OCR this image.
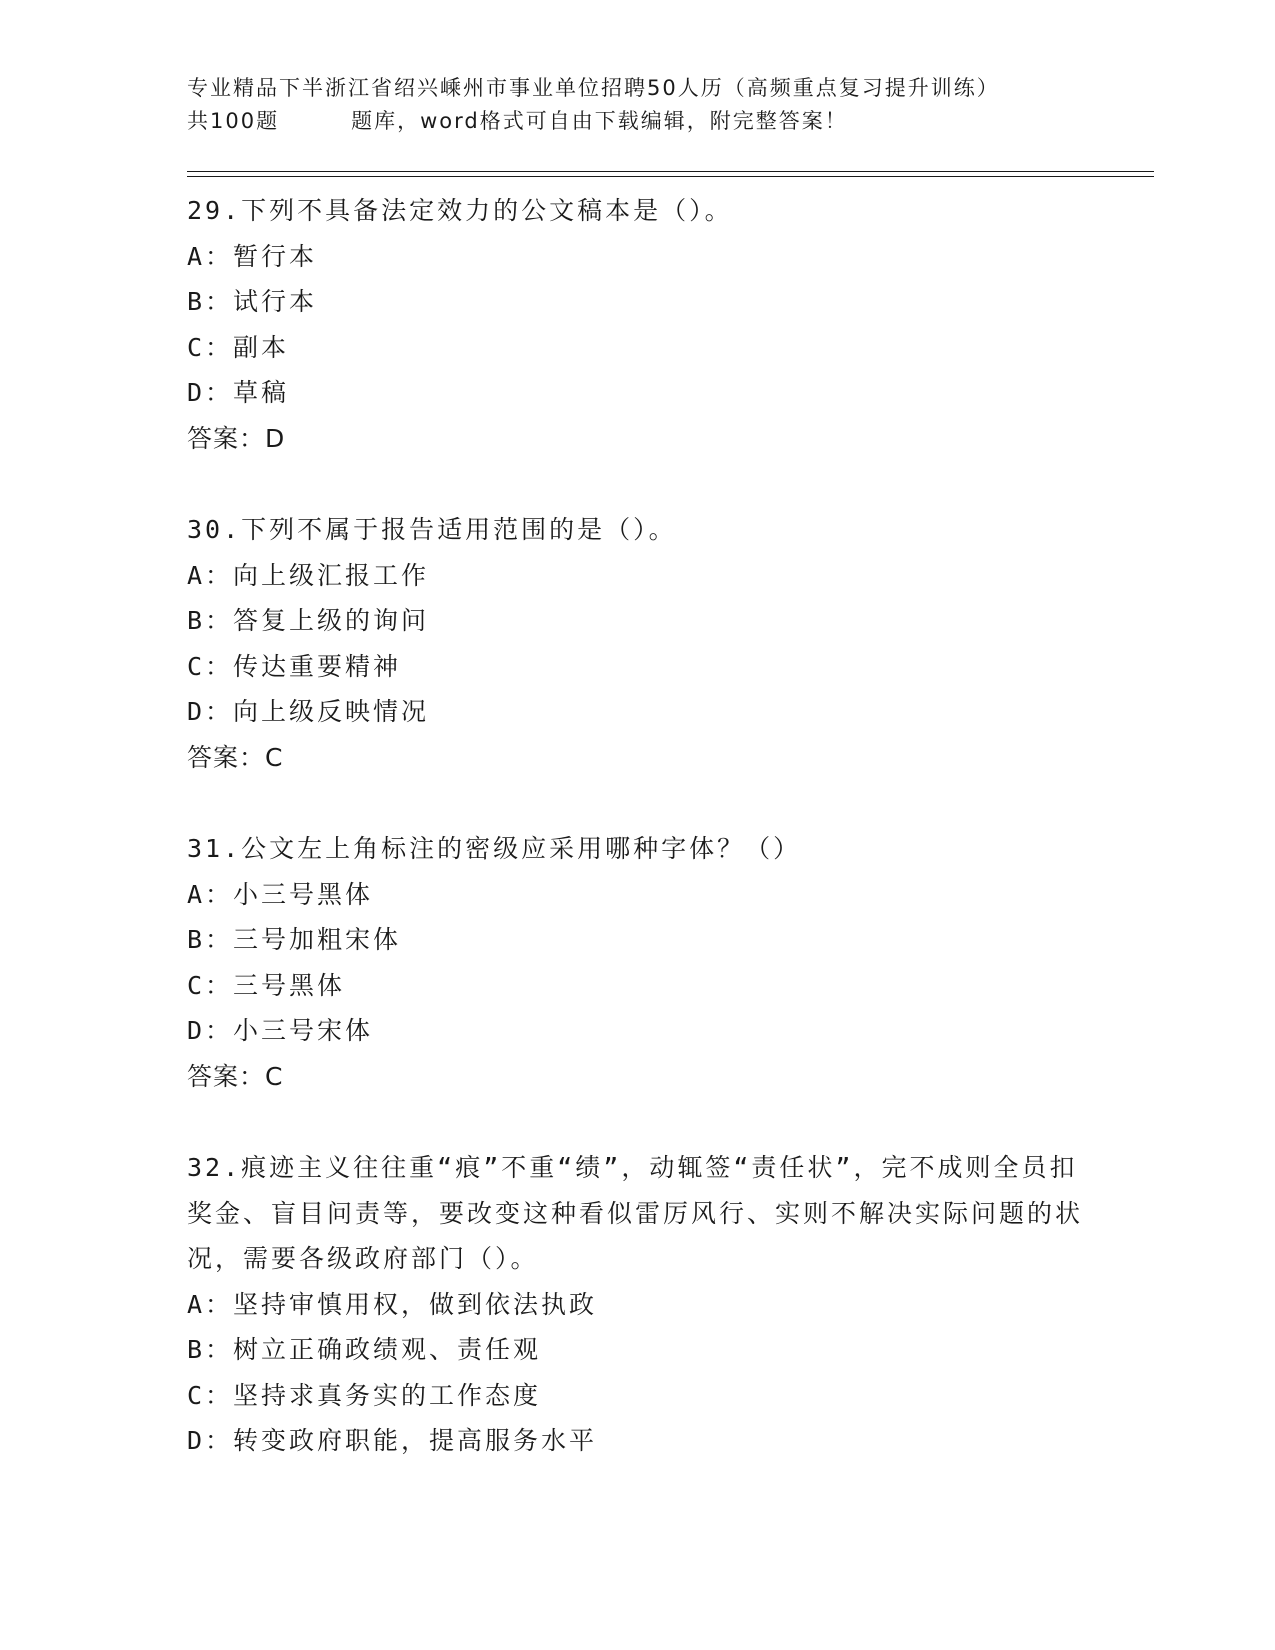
专业精品下半浙江省绍兴嵊州市事业单位招聘50人历（高频重点复习提升训练）
共100题	题库，word格式可自由下载编辑，附完整答案！
29.下列不具备法定效力的公文稿本是（）。
A：暂行本
B：试行本
C：副本
D：草稿
答案：D
30.下列不属于报告适用范围的是（）。
A：向上级汇报工作
B：答复上级的询问
C：传达重要精神
D：向上级反映情况
答案：C
31.公文左上角标注的密级应采用哪种字体？（）
A：小三号黑体
B：三号加粗宋体
C：三号黑体
D：小三号宋体
答案：C
32.痕迹主义往往重“痕”不重“绩”，动辄签“责任状”，完不成则全员扣奖金、盲目问责等，要改变这种看似雷厉风行、实则不解决实际问题的状况，需要各级政府部门（）。
A：坚持审慎用权，做到依法执政
B：树立正确政绩观、责任观
C：坚持求真务实的工作态度
D：转变政府职能，提高服务水平
